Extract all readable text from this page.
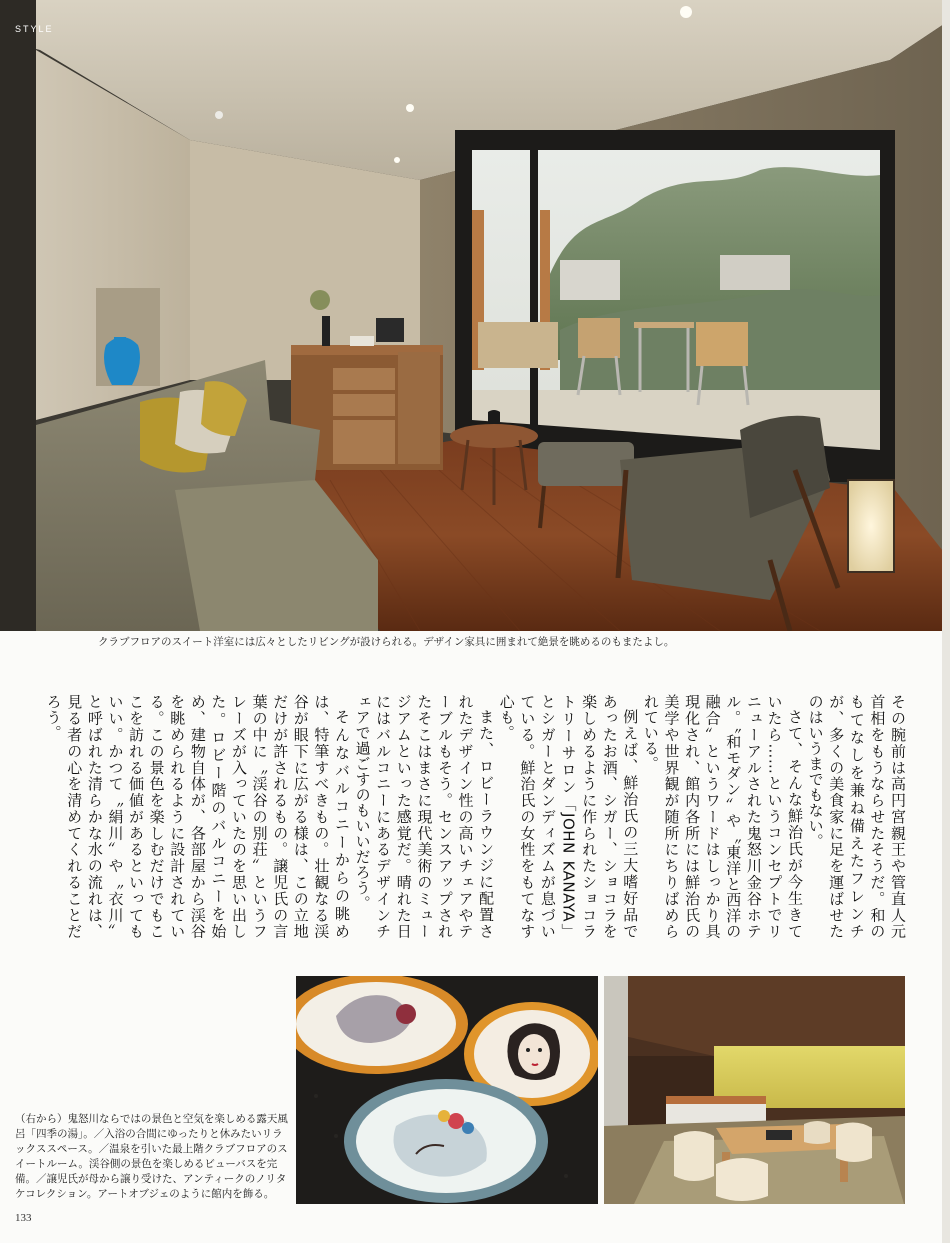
STYLE
クラブフロアのスイート洋室には広々としたリビングが設けられる。デザイン家具に囲まれて絶景を眺めるのもまたよし。

その腕前は高円宮親王や管直人元首相をもうならせたそうだ。和のもてなしを兼ね備えたフレンチが、多くの美食家に足を運ばせたのはいうまでもない。

さて、そんな鮮治氏が今生きていたら……というコンセプトでリニューアルされた鬼怒川金谷ホテル。〝和モダン〟や〝東洋と西洋の融合〟というワードはしっかり具現化され、館内各所には鮮治氏の美学や世界観が随所にちりばめられている。

例えば、鮮治氏の三大嗜好品であったお酒、シガー、ショコラを楽しめるように作られたショコラトリーサロン「JOHN KANAYA」とシガーとダンディズムが息づいている。鮮治氏の女性をもてなす心も。

また、ロビーラウンジに配置されたデザイン性の高いチェアやテーブルもそう。センスアップされたそこはまさに現代美術のミュージアムといった感覚だ。晴れた日にはバルコニーにあるデザインチェアで過ごすのもいいだろう。

そんなバルコニーからの眺めは、特筆すべきもの。壮観なる渓谷が眼下に広がる様は、この立地だけが許されるもの。譲児氏の言葉の中に〝渓谷の別荘〟というフレーズが入っていたのを思い出した。ロビー階のバルコニーを始め、建物自体が、各部屋から渓谷を眺められるように設計されている。この景色を楽しむだけでもここを訪れる価値があるといってもいい。かつて〝絹川〟や〝衣川〟と呼ばれた清らかな水の流れは、見る者の心を清めてくれることだろう。

（右から）鬼怒川ならではの景色と空気を楽しめる露天風呂「四季の湯」。／入浴の合間にゆったりと休みたいリラックススペース。／温泉を引いた最上階クラブフロアのスイートルーム。渓谷側の景色を楽しめるビューバスを完備。／譲児氏が母から譲り受けた、アンティークのノリタケコレクション。アートオブジェのように館内を飾る。
133
